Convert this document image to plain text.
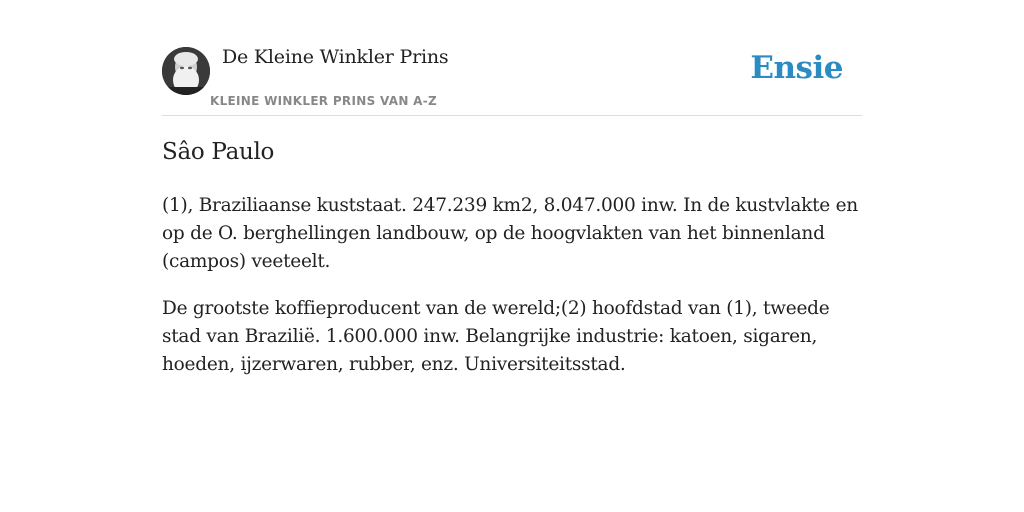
De Kleine Winkler Prins
KLEINE WINKLER PRINS VAN A-Z
Ensie
Sâo Paulo

(1), Braziliaanse kuststaat. 247.239 km2, 8.047.000 inw. In de kustvlakte en op de O. berghellingen landbouw, op de hoogvlakten van het binnenland (campos) veeteelt.

De grootste koffieproducent van de wereld;(2) hoofdstad van (1), tweede stad van Brazilië. 1.600.000 inw. Belangrijke industrie: katoen, sigaren, hoeden, ijzerwaren, rubber, enz. Universiteitsstad.
